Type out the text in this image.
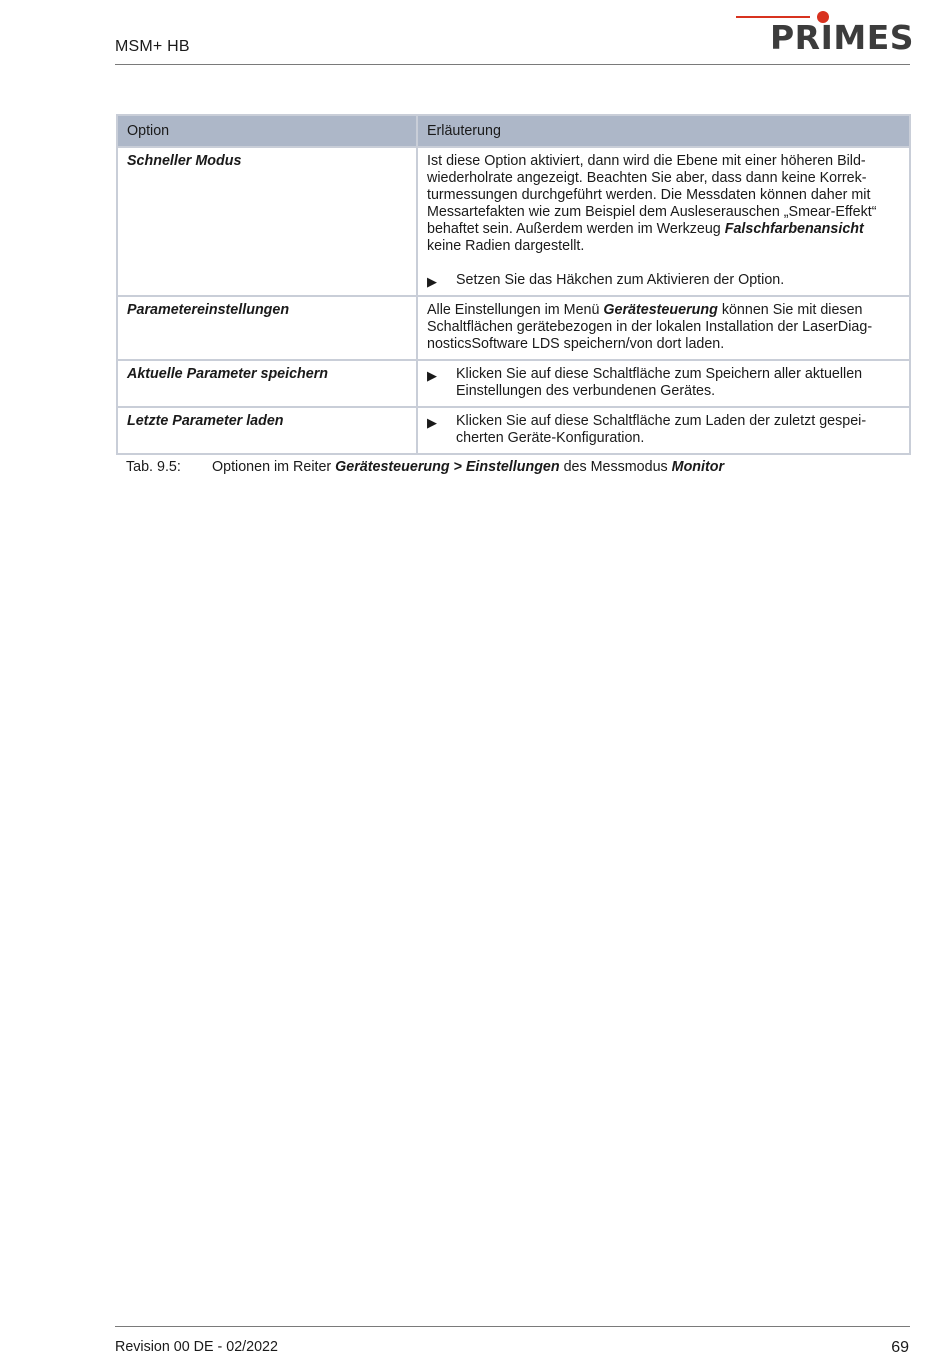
MSM+ HB	PRIMES
Option	Erläuterung
Schneller Modus	Ist diese Option aktiviert, dann wird die Ebene mit einer höheren Bildwiederholrate angezeigt. Beachten Sie aber, dass dann keine Korrekturmessungen durchgeführt werden. Die Messdaten können daher mit Messartefakten wie zum Beispiel dem Ausleserauschen „Smear-Effekt“ behaftet sein. Außerdem werden im Werkzeug Falschfarbenansicht keine Radien dargestellt.

▶ Setzen Sie das Häkchen zum Aktivieren der Option.

Parametereinstellungen	Alle Einstellungen im Menü Gerätesteuerung können Sie mit diesen Schaltflächen gerätebezogen in der lokalen Installation der LaserDiagnosticsSoftware LDS speichern/von dort laden.

Aktuelle Parameter speichern	▶ Klicken Sie auf diese Schaltfläche zum Speichern aller aktuellen Einstellungen des verbundenen Gerätes.

Letzte Parameter laden	▶ Klicken Sie auf diese Schaltfläche zum Laden der zuletzt gespeicherten Geräte-Konfiguration.

Tab. 9.5: Optionen im Reiter Gerätesteuerung > Einstellungen des Messmodus Monitor
Revision 00 DE - 02/2022	69
